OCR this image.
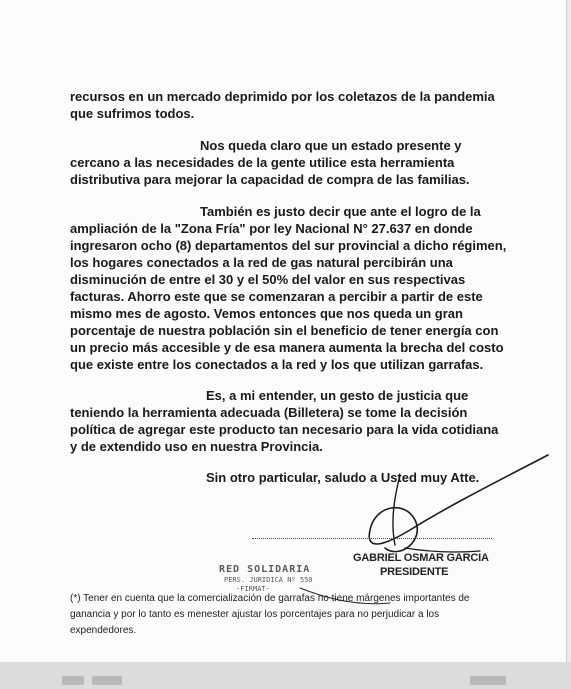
recursos en un mercado deprimido por los coletazos de la pandemia
que sufrimos todos.
Nos queda claro que un estado presente y
cercano a las necesidades de la gente utilice esta herramienta
distributiva para mejorar la capacidad de compra de las familias.
También es justo decir que ante el logro de la
ampliación de la "Zona Fría" por ley Nacional N° 27.637 en donde
ingresaron ocho (8) departamentos del sur provincial a dicho régimen,
los hogares conectados a la red de gas natural percibirán una
disminución de entre el 30 y el 50% del valor en sus respectivas
facturas. Ahorro este que se comenzaran a percibir a partir de este
mismo mes de agosto. Vemos entonces que nos queda un gran
porcentaje de nuestra población sin el beneficio de tener energía con
un precio más accesible y de esa manera aumenta la brecha del costo
que existe entre los conectados a la red y los que utilizan garrafas.
Es, a mi entender, un gesto de justicia que
teniendo la herramienta adecuada (Billetera) se tome la decisión
política de agregar este producto tan necesario para la vida cotidiana
y de extendido uso en nuestra Provincia.
Sin otro particular, saludo a Usted muy Atte.
GABRIEL OSMAR GARCIA
PRESIDENTE
RED SOLIDARIA
PERS. JURIDICA Nº 550
-FIRMAT-
(*) Tener en cuenta que la comercialización de garrafas no tiene márgenes importantes de
ganancia y por lo tanto es menester ajustar los porcentajes para no perjudicar a los
expendedores.
